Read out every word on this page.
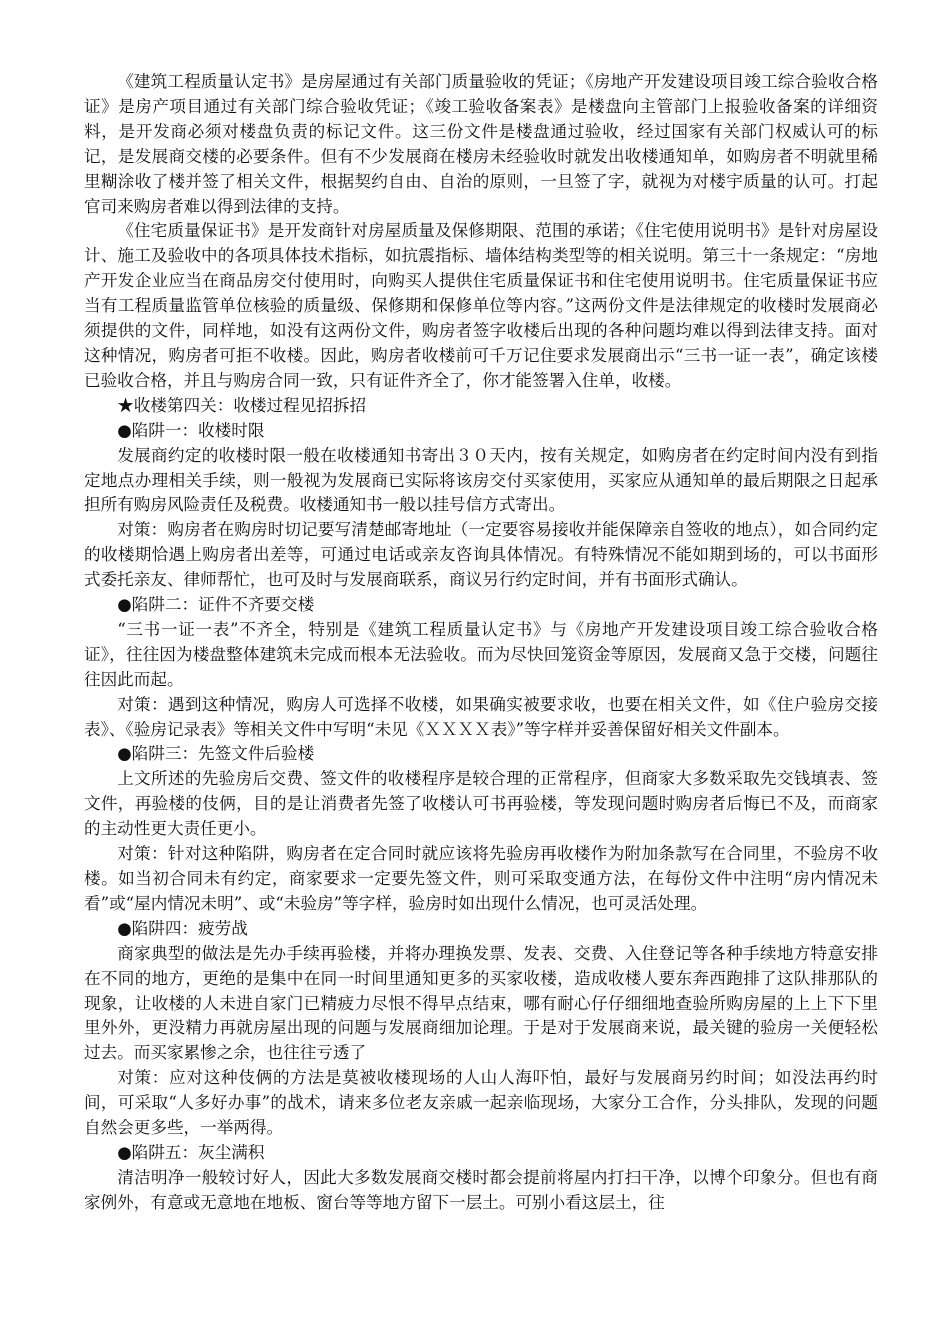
《建筑工程质量认定书》是房屋通过有关部门质量验收的凭证；《房地产开发建设项目竣工综合验收合格证》是房产项目通过有关部门综合验收凭证；《竣工验收备案表》是楼盘向主管部门上报验收备案的详细资料，是开发商必须对楼盘负责的标记文件。这三份文件是楼盘通过验收，经过国家有关部门权威认可的标记，是发展商交楼的必要条件。但有不少发展商在楼房未经验收时就发出收楼通知单，如购房者不明就里稀里糊涂收了楼并签了相关文件，根据契约自由、自治的原则，一旦签了字，就视为对楼宇质量的认可。打起官司来购房者难以得到法律的支持。

《住宅质量保证书》是开发商针对房屋质量及保修期限、范围的承诺；《住宅使用说明书》是针对房屋设计、施工及验收中的各项具体技术指标，如抗震指标、墙体结构类型等的相关说明。第三十一条规定：“房地产开发企业应当在商品房交付使用时，向购买人提供住宅质量保证书和住宅使用说明书。住宅质量保证书应当有工程质量监管单位核验的质量级、保修期和保修单位等内容。”这两份文件是法律规定的收楼时发展商必须提供的文件，同样地，如没有这两份文件，购房者签字收楼后出现的各种问题均难以得到法律支持。面对这种情况，购房者可拒不收楼。因此，购房者收楼前可千万记住要求发展商出示“三书一证一表”，确定该楼已验收合格，并且与购房合同一致，只有证件齐全了，你才能签署入住单，收楼。

★收楼第四关：收楼过程见招拆招

●陷阱一：收楼时限

发展商约定的收楼时限一般在收楼通知书寄出３０天内，按有关规定，如购房者在约定时间内没有到指定地点办理相关手续，则一般视为发展商已实际将该房交付买家使用，买家应从通知单的最后期限之日起承担所有购房风险责任及税费。收楼通知书一般以挂号信方式寄出。

对策：购房者在购房时切记要写清楚邮寄地址（一定要容易接收并能保障亲自签收的地点），如合同约定的收楼期恰遇上购房者出差等，可通过电话或亲友咨询具体情况。有特殊情况不能如期到场的，可以书面形式委托亲友、律师帮忙，也可及时与发展商联系，商议另行约定时间，并有书面形式确认。

●陷阱二：证件不齐要交楼

“三书一证一表”不齐全，特别是《建筑工程质量认定书》与《房地产开发建设项目竣工综合验收合格证》，往往因为楼盘整体建筑未完成而根本无法验收。而为尽快回笼资金等原因，发展商又急于交楼，问题往往因此而起。

对策：遇到这种情况，购房人可选择不收楼，如果确实被要求收，也要在相关文件，如《住户验房交接表》、《验房记录表》等相关文件中写明“未见《ＸＸＸＸ表》”等字样并妥善保留好相关文件副本。

●陷阱三：先签文件后验楼

上文所述的先验房后交费、签文件的收楼程序是较合理的正常程序，但商家大多数采取先交钱填表、签文件，再验楼的伎俩，目的是让消费者先签了收楼认可书再验楼，等发现问题时购房者后悔已不及，而商家的主动性更大责任更小。

对策：针对这种陷阱，购房者在定合同时就应该将先验房再收楼作为附加条款写在合同里，不验房不收楼。如当初合同未有约定，商家要求一定要先签文件，则可采取变通方法，在每份文件中注明“房内情况未看”或“屋内情况未明”、或“未验房”等字样，验房时如出现什么情况，也可灵活处理。

●陷阱四：疲劳战

商家典型的做法是先办手续再验楼，并将办理换发票、发表、交费、入住登记等各种手续地方特意安排在不同的地方，更绝的是集中在同一时间里通知更多的买家收楼，造成收楼人要东奔西跑排了这队排那队的现象，让收楼的人未进自家门已精疲力尽恨不得早点结束，哪有耐心仔仔细细地查验所购房屋的上上下下里里外外，更没精力再就房屋出现的问题与发展商细加论理。于是对于发展商来说，最关键的验房一关便轻松过去。而买家累惨之余，也往往亏透了

对策：应对这种伎俩的方法是莫被收楼现场的人山人海吓怕，最好与发展商另约时间；如没法再约时间，可采取“人多好办事”的战术，请来多位老友亲戚一起亲临现场，大家分工合作，分头排队，发现的问题自然会更多些，一举两得。

●陷阱五：灰尘满积

清洁明净一般较讨好人，因此大多数发展商交楼时都会提前将屋内打扫干净，以博个印象分。但也有商家例外，有意或无意地在地板、窗台等等地方留下一层土。可别小看这层土，往
